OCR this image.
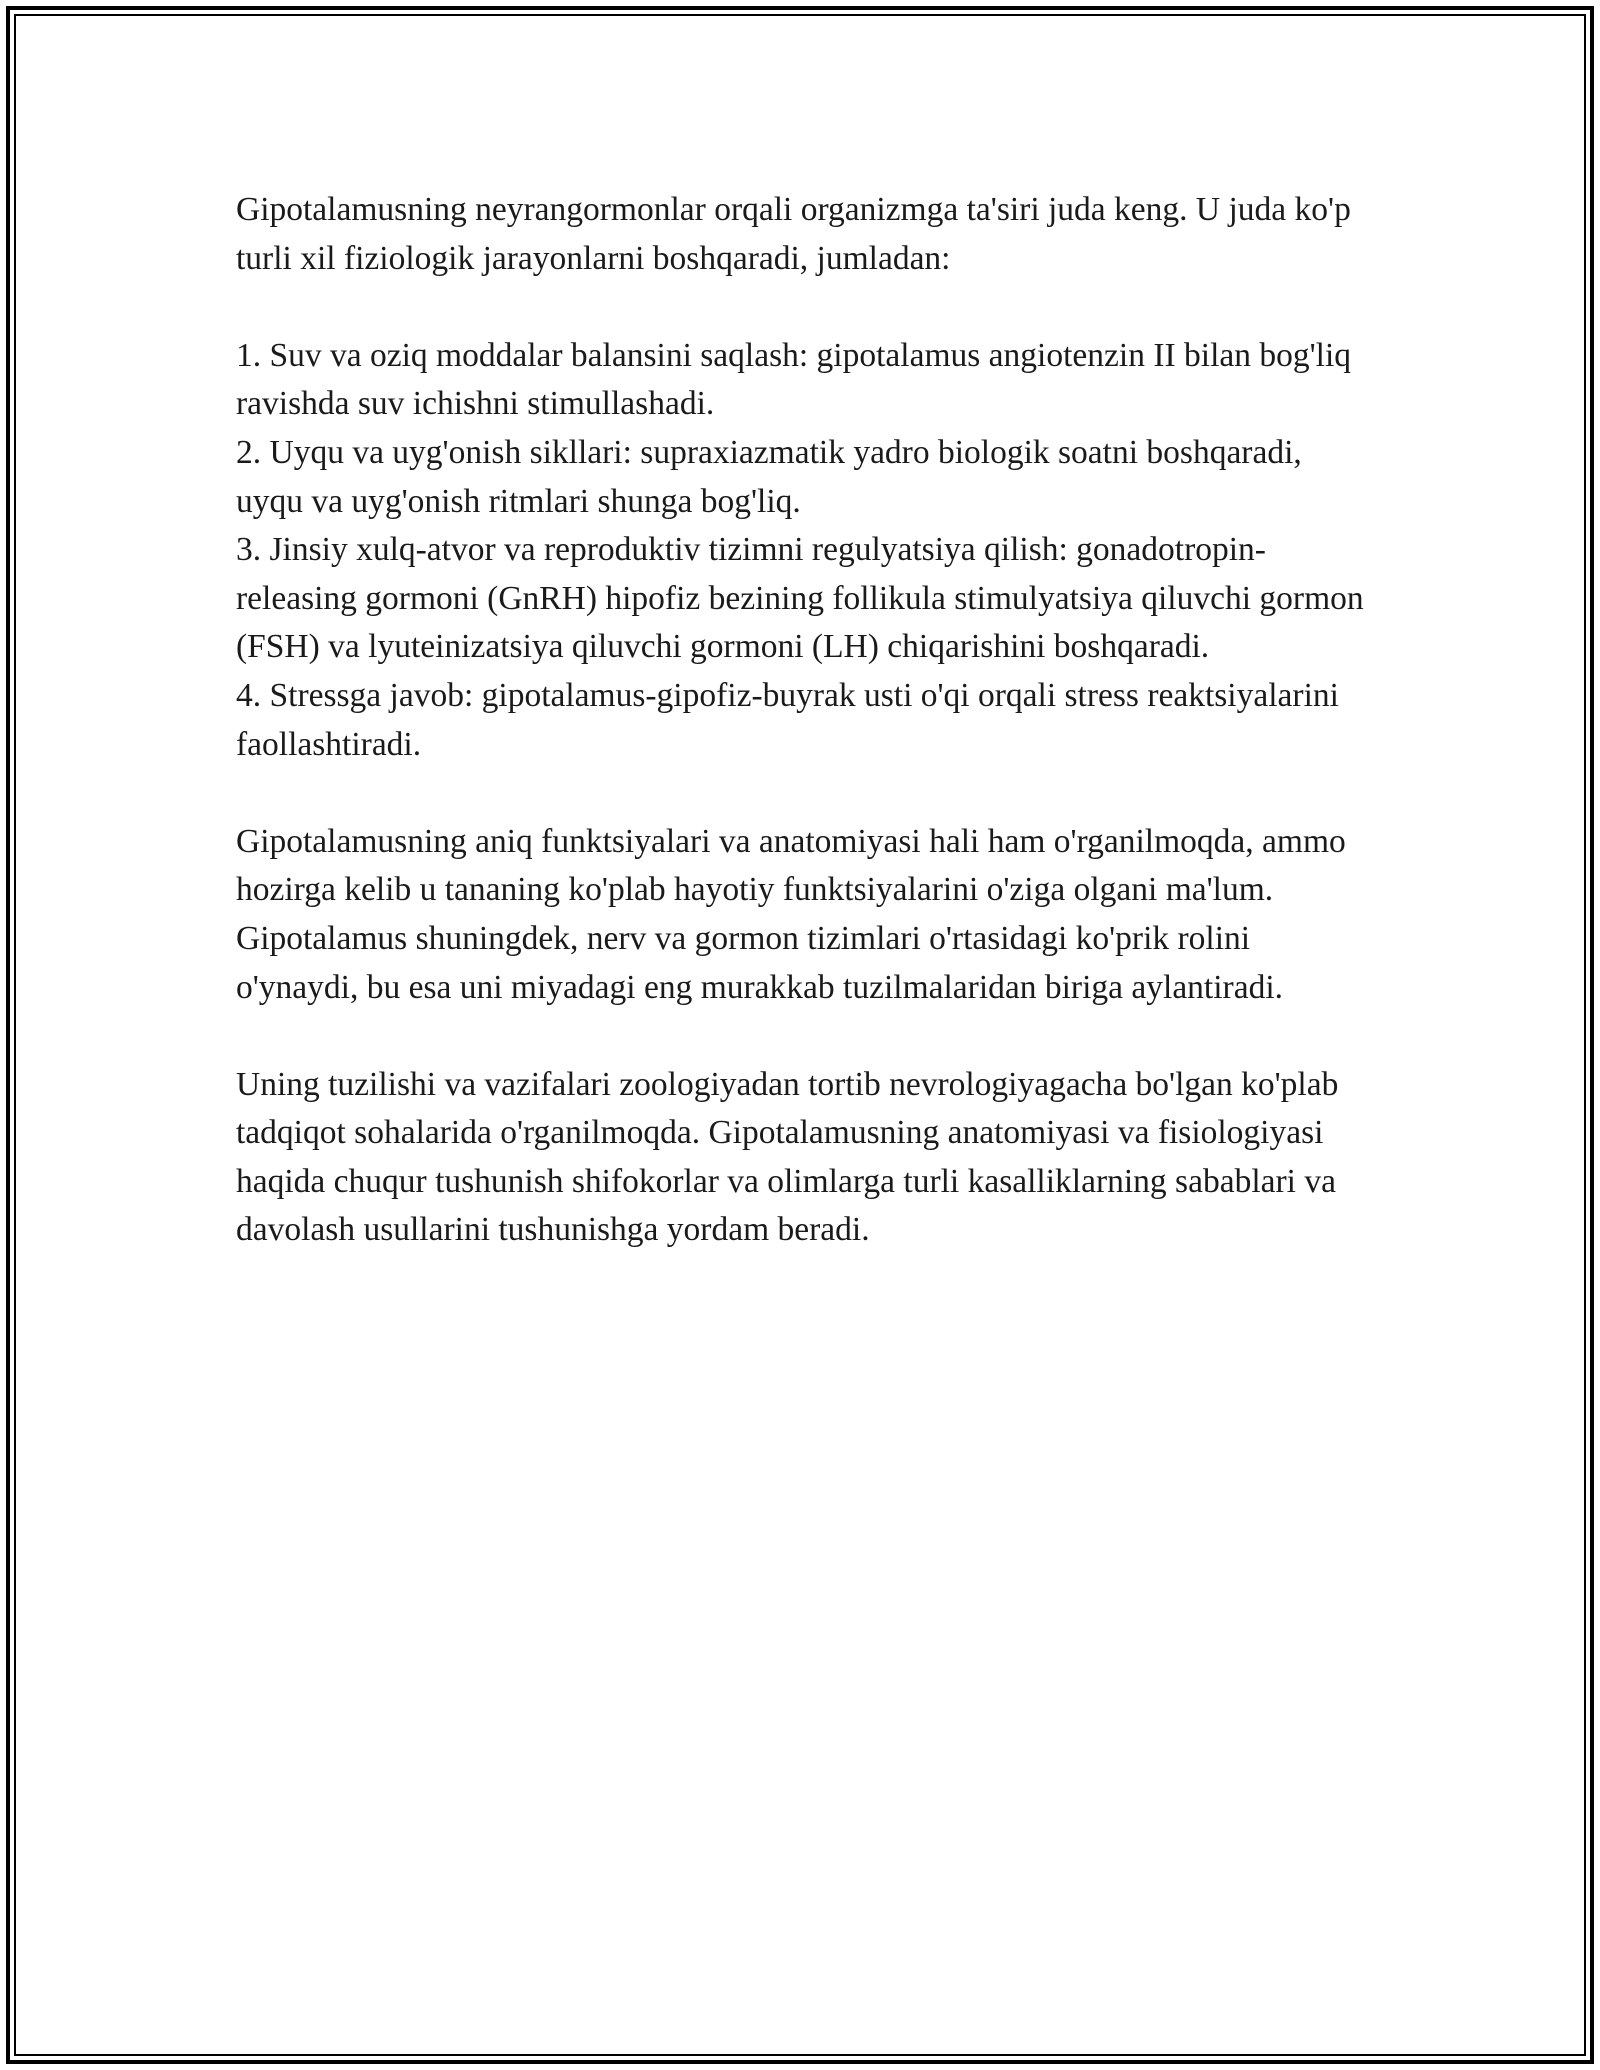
Gipotalamusning neyrangormonlar orqali organizmga ta'siri juda keng. U juda ko'p turli xil fiziologik jarayonlarni boshqaradi, jumladan:

1. Suv va oziq moddalar balansini saqlash: gipotalamus angiotenzin II bilan bog'liq ravishda suv ichishni stimullashadi.

2. Uyqu va uyg'onish sikllari: supraxiazmatik yadro biologik soatni boshqaradi, uyqu va uyg'onish ritmlari shunga bog'liq.

3. Jinsiy xulq-atvor va reproduktiv tizimni regulyatsiya qilish: gonadotropin-releasing gormoni (GnRH) hipofiz bezining follikula stimulyatsiya qiluvchi gormon (FSH) va lyuteinizatsiya qiluvchi gormoni (LH) chiqarishini boshqaradi.

4. Stressga javob: gipotalamus-gipofiz-buyrak usti o'qi orqali stress reaktsiyalarini faollashtiradi.

Gipotalamusning aniq funktsiyalari va anatomiyasi hali ham o'rganilmoqda, ammo hozirga kelib u tananing ko'plab hayotiy funktsiyalarini o'ziga olgani ma'lum. Gipotalamus shuningdek, nerv va gormon tizimlari o'rtasidagi ko'prik rolini o'ynaydi, bu esa uni miyadagi eng murakkab tuzilmalaridan biriga aylantiradi.

Uning tuzilishi va vazifalari zoologiyadan tortib nevrologiyagacha bo'lgan ko'plab tadqiqot sohalarida o'rganilmoqda. Gipotalamusning anatomiyasi va fisiologiyasi haqida chuqur tushunish shifokorlar va olimlarga turli kasalliklarning sabablari va davolash usullarini tushunishga yordam beradi.
